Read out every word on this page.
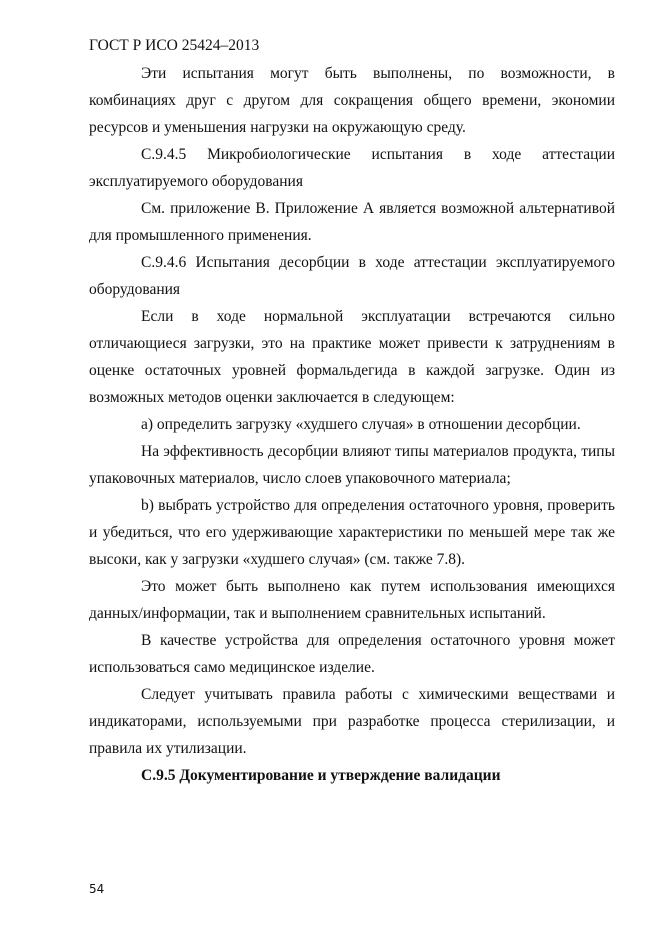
ГОСТ Р ИСО 25424–2013

Эти испытания могут быть выполнены, по возможности, в комбинациях друг с другом для сокращения общего времени, экономии ресурсов и уменьшения нагрузки на окружающую среду.

С.9.4.5 Микробиологические испытания в ходе аттестации эксплуатируемого оборудования

См. приложение В. Приложение А является возможной альтернативой для промышленного применения.

С.9.4.6 Испытания десорбции в ходе аттестации эксплуатируемого оборудования

Если в ходе нормальной эксплуатации встречаются сильно отличающиеся загрузки, это на практике может привести к затруднениям в оценке остаточных уровней формальдегида в каждой загрузке. Один из возможных методов оценки заключается в следующем:

а) определить загрузку «худшего случая» в отношении десорбции.

На эффективность десорбции влияют типы материалов продукта, типы упаковочных материалов, число слоев упаковочного материала;

b) выбрать устройство для определения остаточного уровня, проверить и убедиться, что его удерживающие характеристики по меньшей мере так же высоки, как у загрузки «худшего случая» (см. также 7.8).

Это может быть выполнено как путем использования имеющихся данных/информации, так и выполнением сравнительных испытаний.

В качестве устройства для определения остаточного уровня может использоваться само медицинское изделие.

Следует учитывать правила работы с химическими веществами и индикаторами, используемыми при разработке процесса стерилизации, и правила их утилизации.

С.9.5 Документирование и утверждение валидации

54
